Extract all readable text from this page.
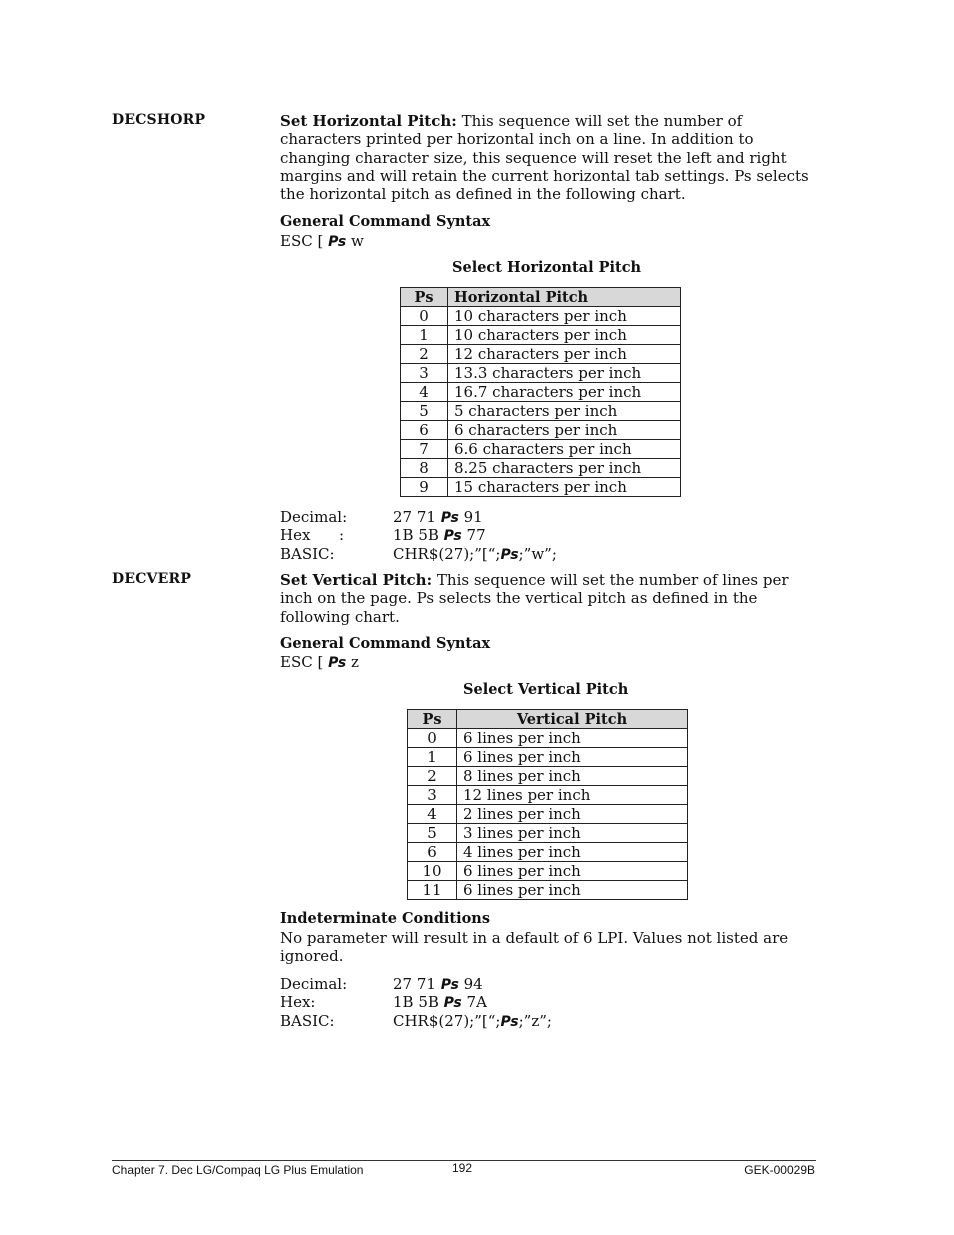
DECSHORP	Set Horizontal Pitch: This sequence will set the number of characters printed per horizontal inch on a line. In addition to changing character size, this sequence will reset the left and right margins and will retain the current horizontal tab settings. Ps selects the horizontal pitch as defined in the following chart.
General Command Syntax
ESC [ Ps w
Select Horizontal Pitch
Ps	Horizontal Pitch
0	10 characters per inch
1	10 characters per inch
2	12 characters per inch
3	13.3 characters per inch
4	16.7 characters per inch
5	5 characters per inch
6	6 characters per inch
7	6.6 characters per inch
8	8.25 characters per inch
9	15 characters per inch
Decimal:	27 71 Ps 91
Hex      :	1B 5B Ps 77
BASIC:	CHR$(27);”[“;Ps;”w”;
DECVERP	Set Vertical Pitch: This sequence will set the number of lines per inch on the page. Ps selects the vertical pitch as defined in the following chart.
General Command Syntax
ESC [ Ps z
Select Vertical Pitch
Ps	Vertical Pitch
0	6 lines per inch
1	6 lines per inch
2	8 lines per inch
3	12 lines per inch
4	2 lines per inch
5	3 lines per inch
6	4 lines per inch
10	6 lines per inch
11	6 lines per inch
Indeterminate Conditions
No parameter will result in a default of 6 LPI. Values not listed are ignored.
Decimal:	27 71 Ps 94
Hex:	1B 5B Ps 7A
BASIC:	CHR$(27);”[“;Ps;”z”;
Chapter 7. Dec LG/Compaq LG Plus Emulation	192	GEK-00029B
